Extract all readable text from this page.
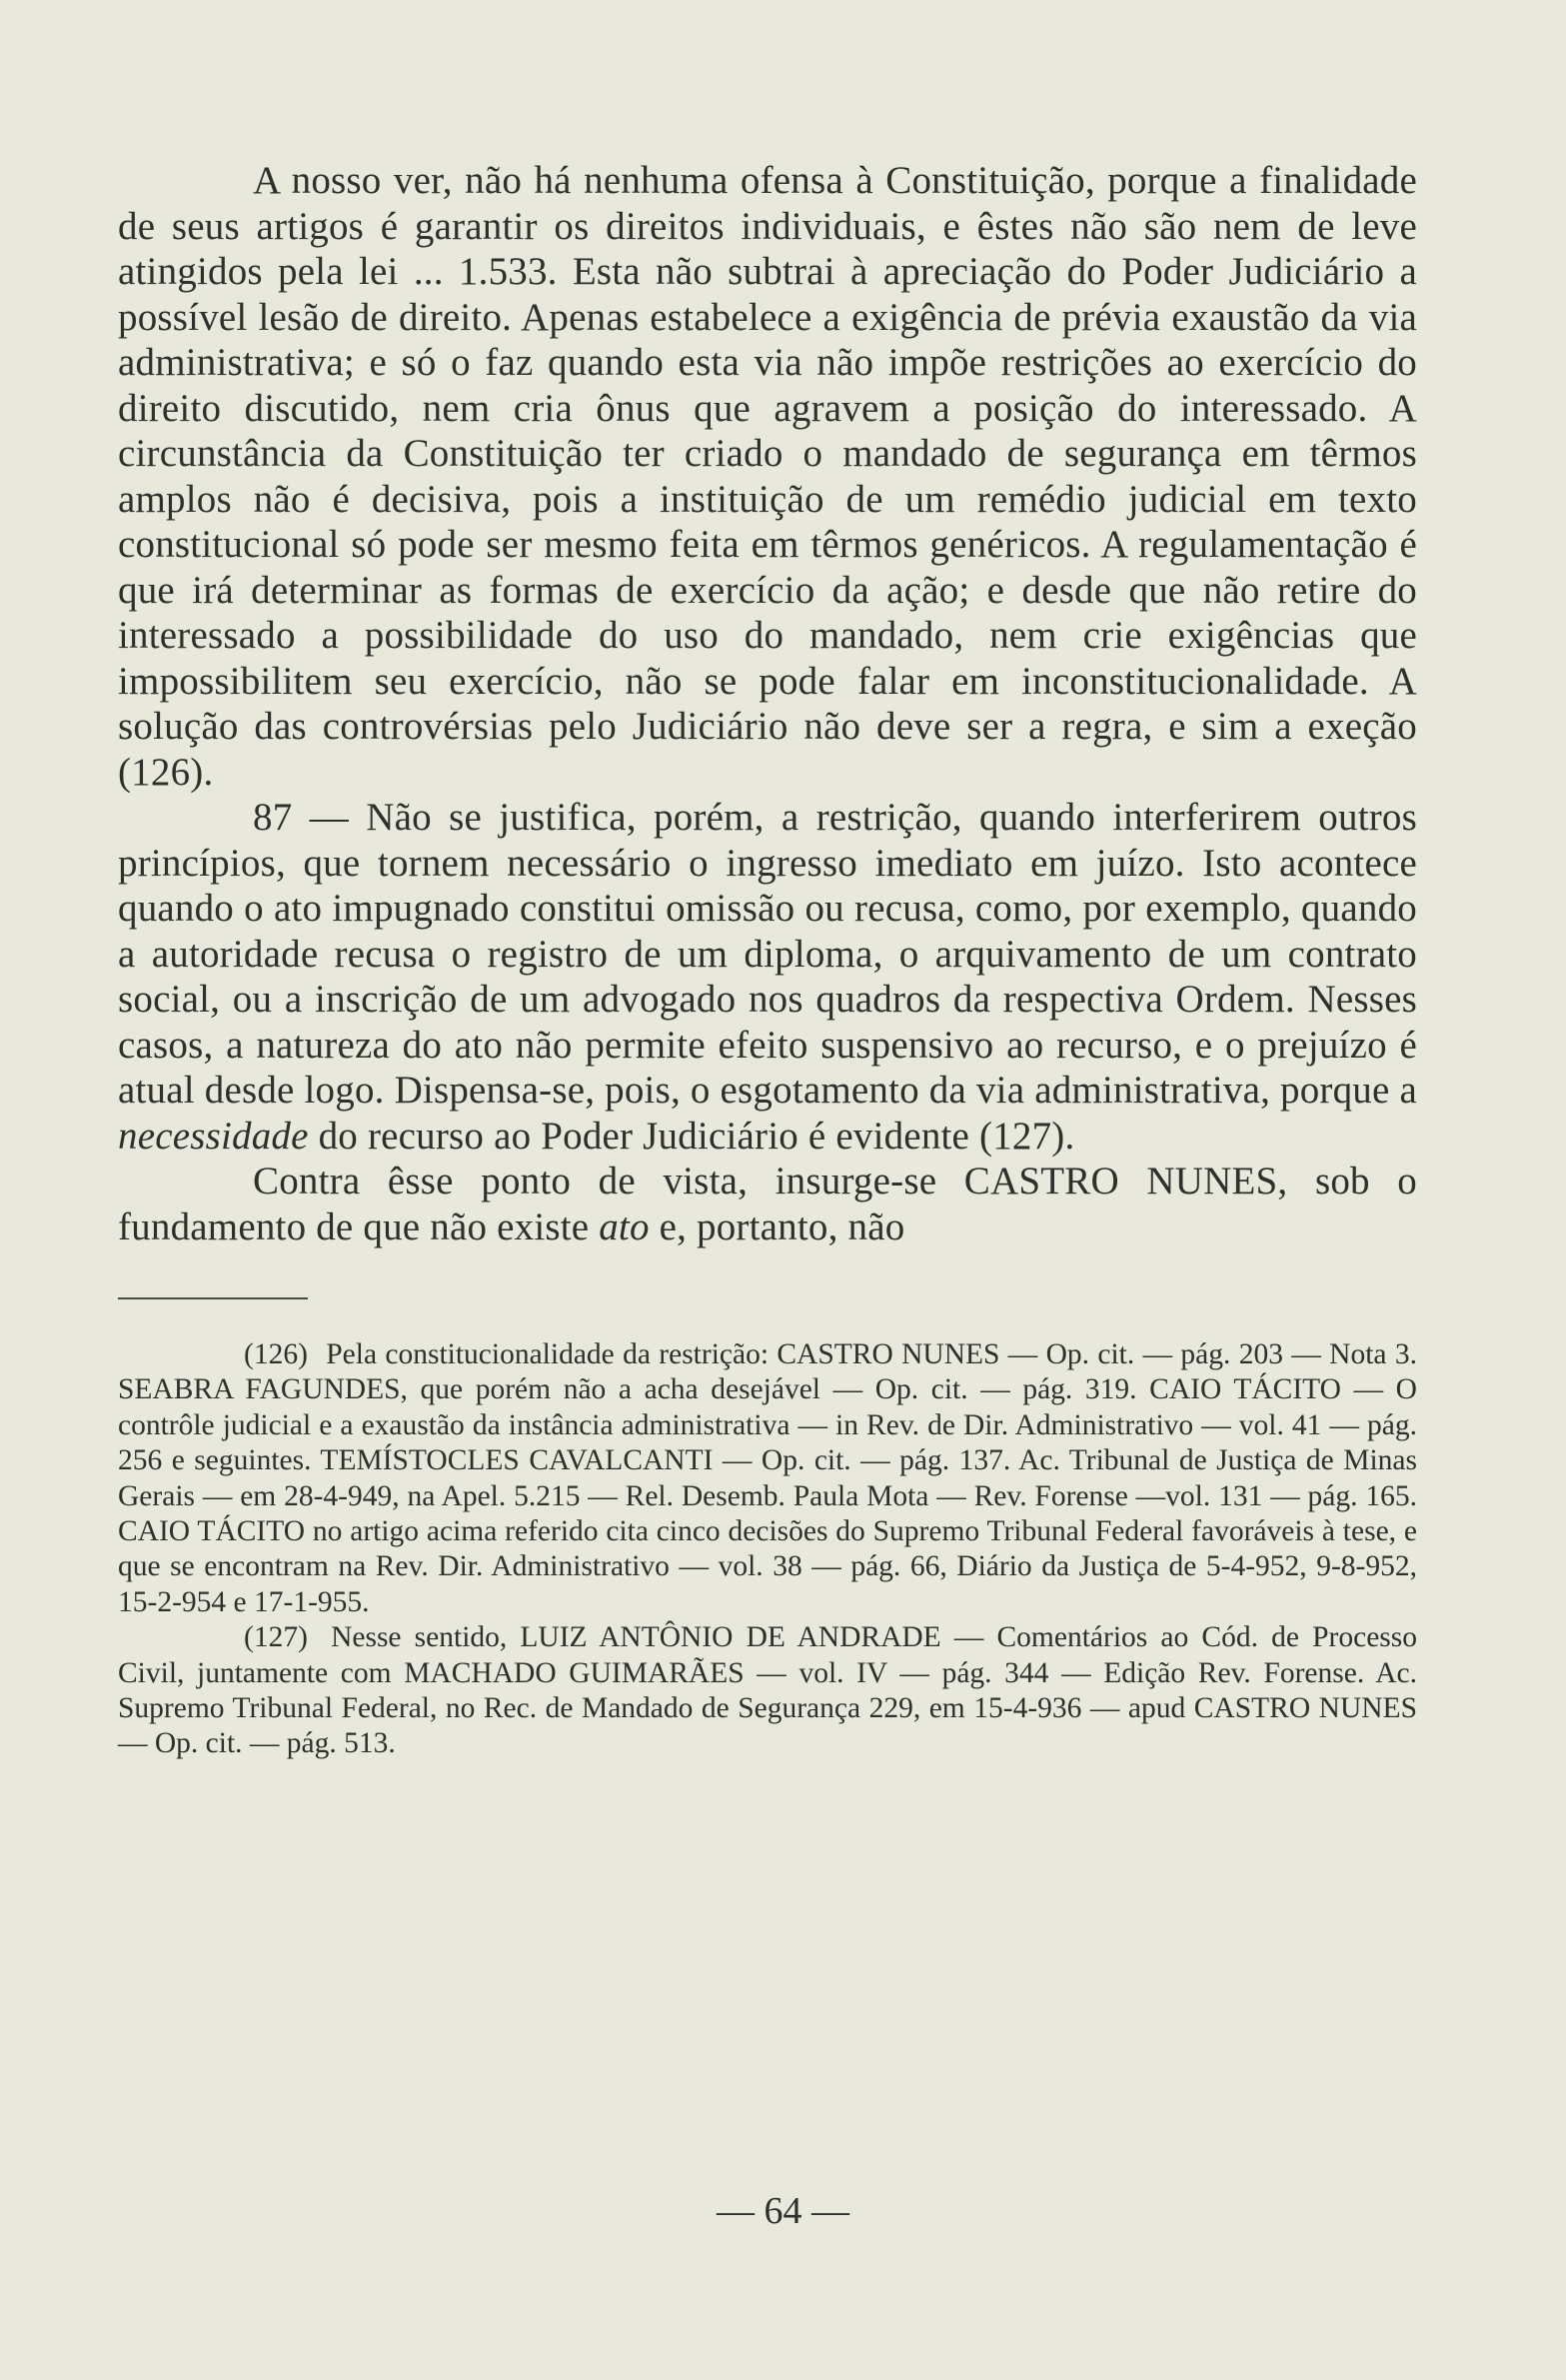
A nosso ver, não há nenhuma ofensa à Constituição, porque a finalidade de seus artigos é garantir os direitos individuais, e êstes não são nem de leve atingidos pela lei ... 1.533. Esta não subtrai à apreciação do Poder Judiciário a possível lesão de direito. Apenas estabelece a exigência de prévia exaustão da via administrativa; e só o faz quando esta via não impõe restrições ao exercício do direito discutido, nem cria ônus que agravem a posição do interessado. A circunstância da Constituição ter criado o mandado de segurança em têrmos amplos não é decisiva, pois a instituição de um remédio judicial em texto constitucional só pode ser mesmo feita em têrmos genéricos. A regulamentação é que irá determinar as formas de exercício da ação; e desde que não retire do interessado a possibilidade do uso do mandado, nem crie exigências que impossibilitem seu exercício, não se pode falar em inconstitucionalidade. A solução das controvérsias pelo Judiciário não deve ser a regra, e sim a exeção (126).

87 — Não se justifica, porém, a restrição, quando interferirem outros princípios, que tornem necessário o ingresso imediato em juízo. Isto acontece quando o ato impugnado constitui omissão ou recusa, como, por exemplo, quando a autoridade recusa o registro de um diploma, o arquivamento de um contrato social, ou a inscrição de um advogado nos quadros da respectiva Ordem. Nesses casos, a natureza do ato não permite efeito suspensivo ao recurso, e o prejuízo é atual desde logo. Dispensa-se, pois, o esgotamento da via administrativa, porque a necessidade do recurso ao Poder Judiciário é evidente (127).

Contra êsse ponto de vista, insurge-se CASTRO NUNES, sob o fundamento de que não existe ato e, portanto, não

(126) Pela constitucionalidade da restrição: CASTRO NUNES — Op. cit. — pág. 203 — Nota 3. SEABRA FAGUNDES, que porém não a acha desejável — Op. cit. — pág. 319. CAIO TÁCITO — O contrôle judicial e a exaustão da instância administrativa — in Rev. de Dir. Administrativo — vol. 41 — pág. 256 e seguintes. TEMÍSTOCLES CAVALCANTI — Op. cit. — pág. 137. Ac. Tribunal de Justiça de Minas Gerais — em 28-4-949, na Apel. 5.215 — Rel. Desemb. Paula Mota — Rev. Forense —vol. 131 — pág. 165. CAIO TÁCITO no artigo acima referido cita cinco decisões do Supremo Tribunal Federal favoráveis à tese, e que se encontram na Rev. Dir. Administrativo — vol. 38 — pág. 66, Diário da Justiça de 5-4-952, 9-8-952, 15-2-954 e 17-1-955.

(127) Nesse sentido, LUIZ ANTÔNIO DE ANDRADE — Comentários ao Cód. de Processo Civil, juntamente com MACHADO GUIMARÃES — vol. IV — pág. 344 — Edição Rev. Forense. Ac. Supremo Tribunal Federal, no Rec. de Mandado de Segurança 229, em 15-4-936 — apud CASTRO NUNES — Op. cit. — pág. 513.

— 64 —
